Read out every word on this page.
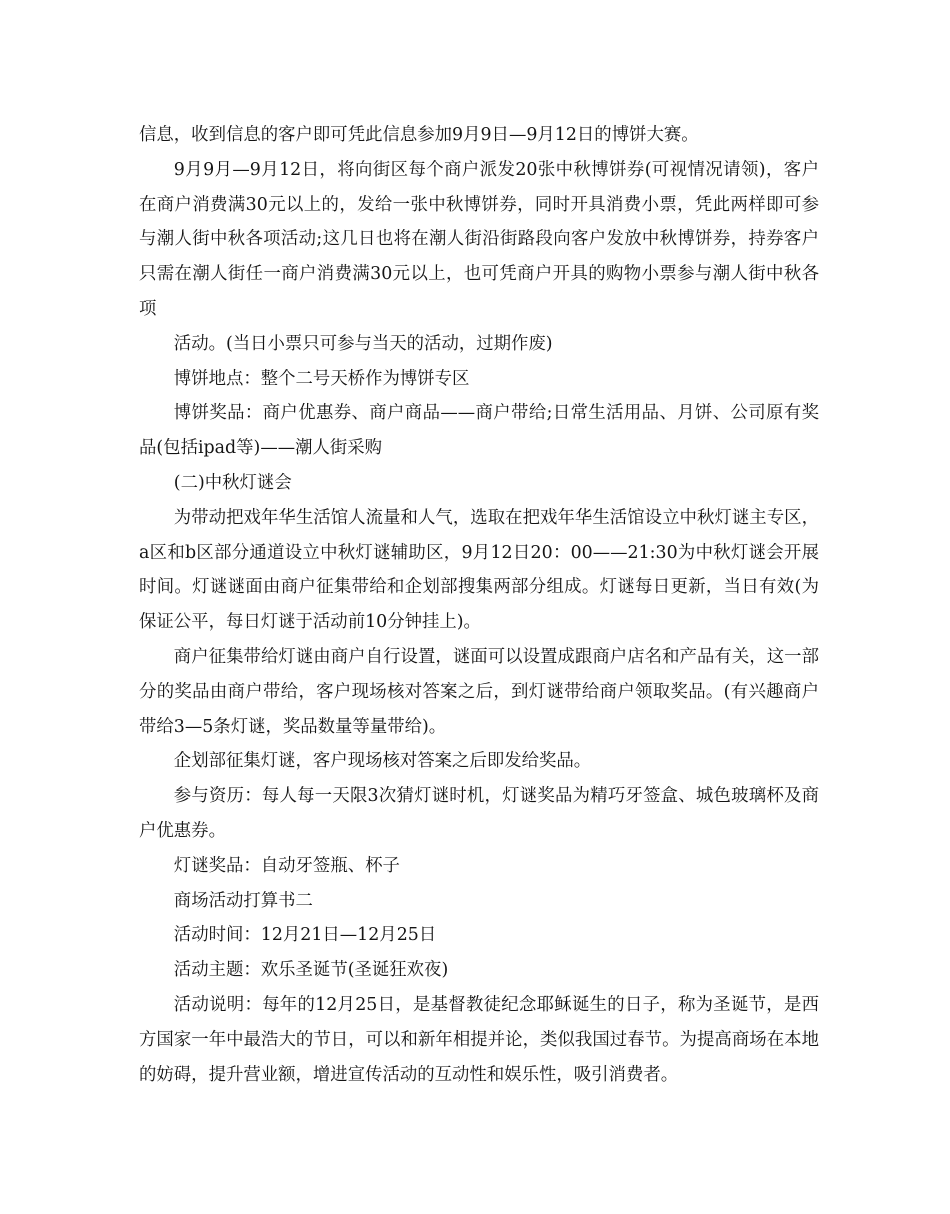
信息，收到信息的客户即可凭此信息参加9月9日—9月12日的博饼大赛。

9月9月—9月12日，将向街区每个商户派发20张中秋博饼券(可视情况请领)，客户在商户消费满30元以上的，发给一张中秋博饼券，同时开具消费小票，凭此两样即可参与潮人街中秋各项活动;这几日也将在潮人街沿街路段向客户发放中秋博饼券，持券客户只需在潮人街任一商户消费满30元以上，也可凭商户开具的购物小票参与潮人街中秋各项

活动。(当日小票只可参与当天的活动，过期作废)

博饼地点：整个二号天桥作为博饼专区

博饼奖品：商户优惠券、商户商品——商户带给;日常生活用品、月饼、公司原有奖品(包括ipad等)——潮人街采购

(二)中秋灯谜会

为带动把戏年华生活馆人流量和人气，选取在把戏年华生活馆设立中秋灯谜主专区，a区和b区部分通道设立中秋灯谜辅助区，9月12日20：00——21:30为中秋灯谜会开展时间。灯谜谜面由商户征集带给和企划部搜集两部分组成。灯谜每日更新，当日有效(为保证公平，每日灯谜于活动前10分钟挂上)。

商户征集带给灯谜由商户自行设置，谜面可以设置成跟商户店名和产品有关，这一部分的奖品由商户带给，客户现场核对答案之后，到灯谜带给商户领取奖品。(有兴趣商户带给3—5条灯谜，奖品数量等量带给)。

企划部征集灯谜，客户现场核对答案之后即发给奖品。

参与资历：每人每一天限3次猜灯谜时机，灯谜奖品为精巧牙签盒、城色玻璃杯及商户优惠券。

灯谜奖品：自动牙签瓶、杯子

商场活动打算书二

活动时间：12月21日—12月25日

活动主题：欢乐圣诞节(圣诞狂欢夜)

活动说明：每年的12月25日，是基督教徒纪念耶稣诞生的日子，称为圣诞节，是西方国家一年中最浩大的节日，可以和新年相提并论，类似我国过春节。为提高商场在本地的妨碍，提升营业额，增进宣传活动的互动性和娱乐性，吸引消费者。
